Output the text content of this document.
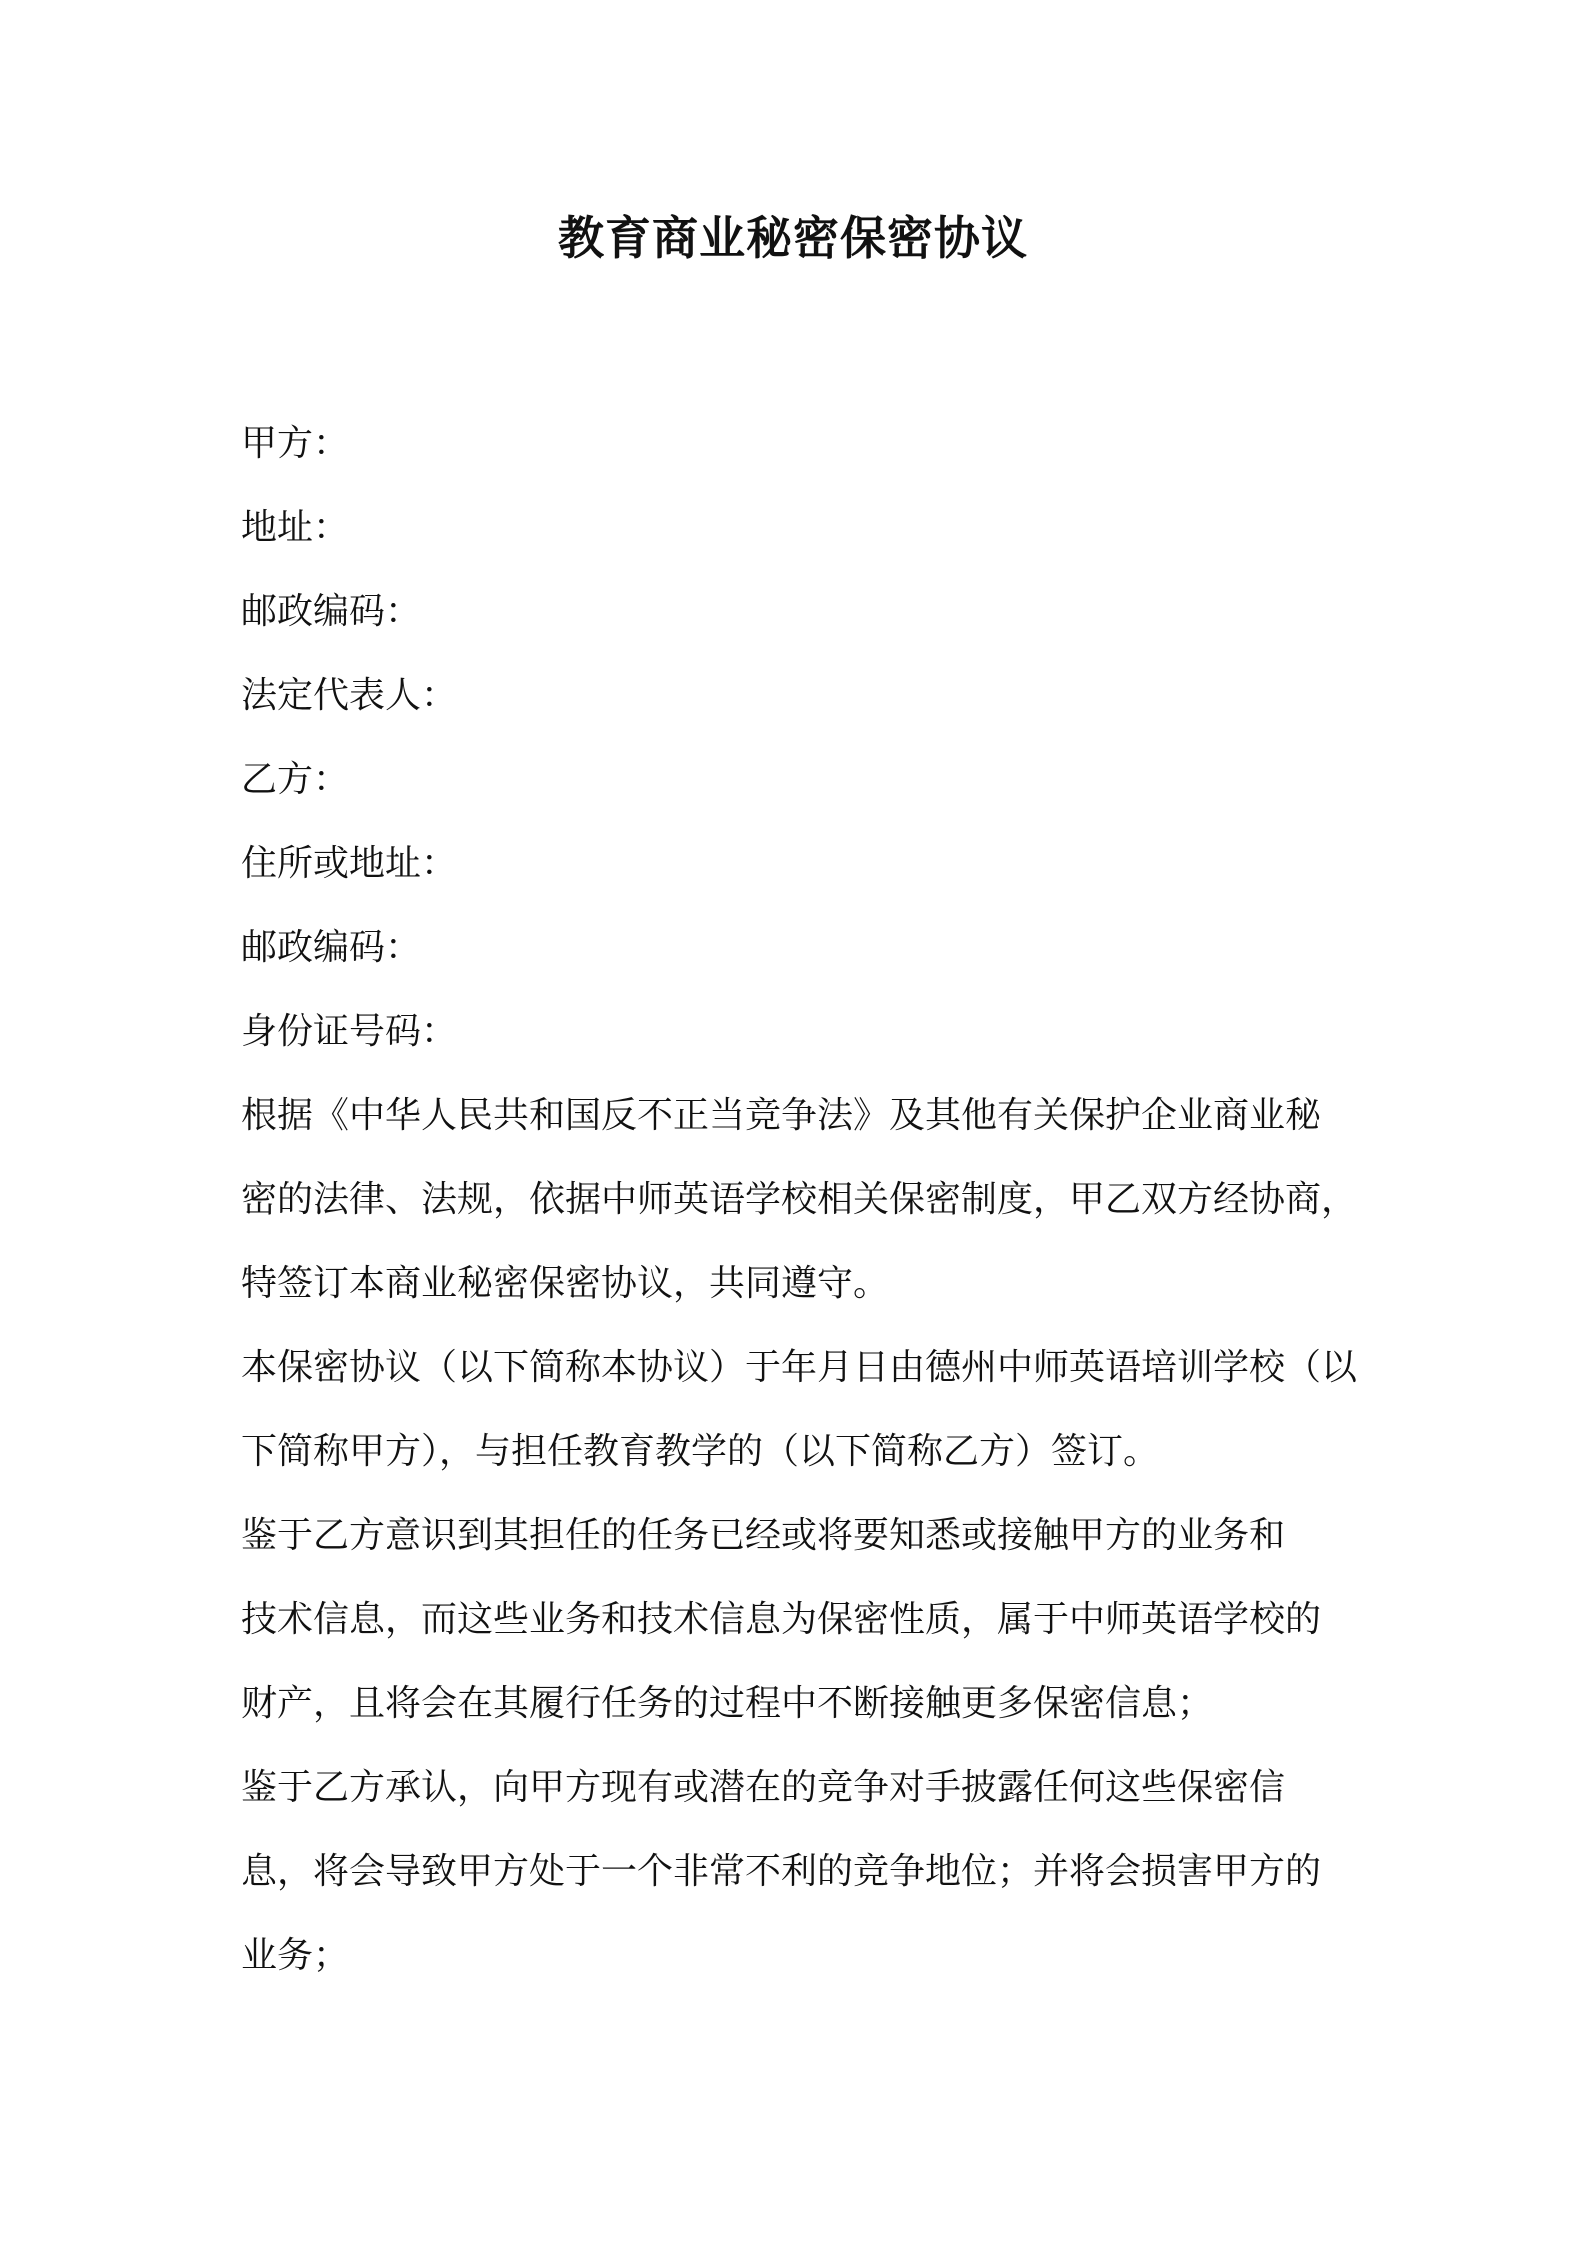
教育商业秘密保密协议
甲方：
地址：
邮政编码：
法定代表人：
乙方：
住所或地址：
邮政编码：
身份证号码：
根据《中华人民共和国反不正当竞争法》及其他有关保护企业商业秘
密的法律、法规，依据中师英语学校相关保密制度，甲乙双方经协商，
特签订本商业秘密保密协议，共同遵守。
本保密协议（以下简称本协议）于年月日由德州中师英语培训学校（以
下简称甲方），与担任教育教学的（以下简称乙方）签订。
鉴于乙方意识到其担任的任务已经或将要知悉或接触甲方的业务和
技术信息，而这些业务和技术信息为保密性质，属于中师英语学校的
财产，且将会在其履行任务的过程中不断接触更多保密信息；
鉴于乙方承认，向甲方现有或潜在的竞争对手披露任何这些保密信
息，将会导致甲方处于一个非常不利的竞争地位；并将会损害甲方的
业务；
